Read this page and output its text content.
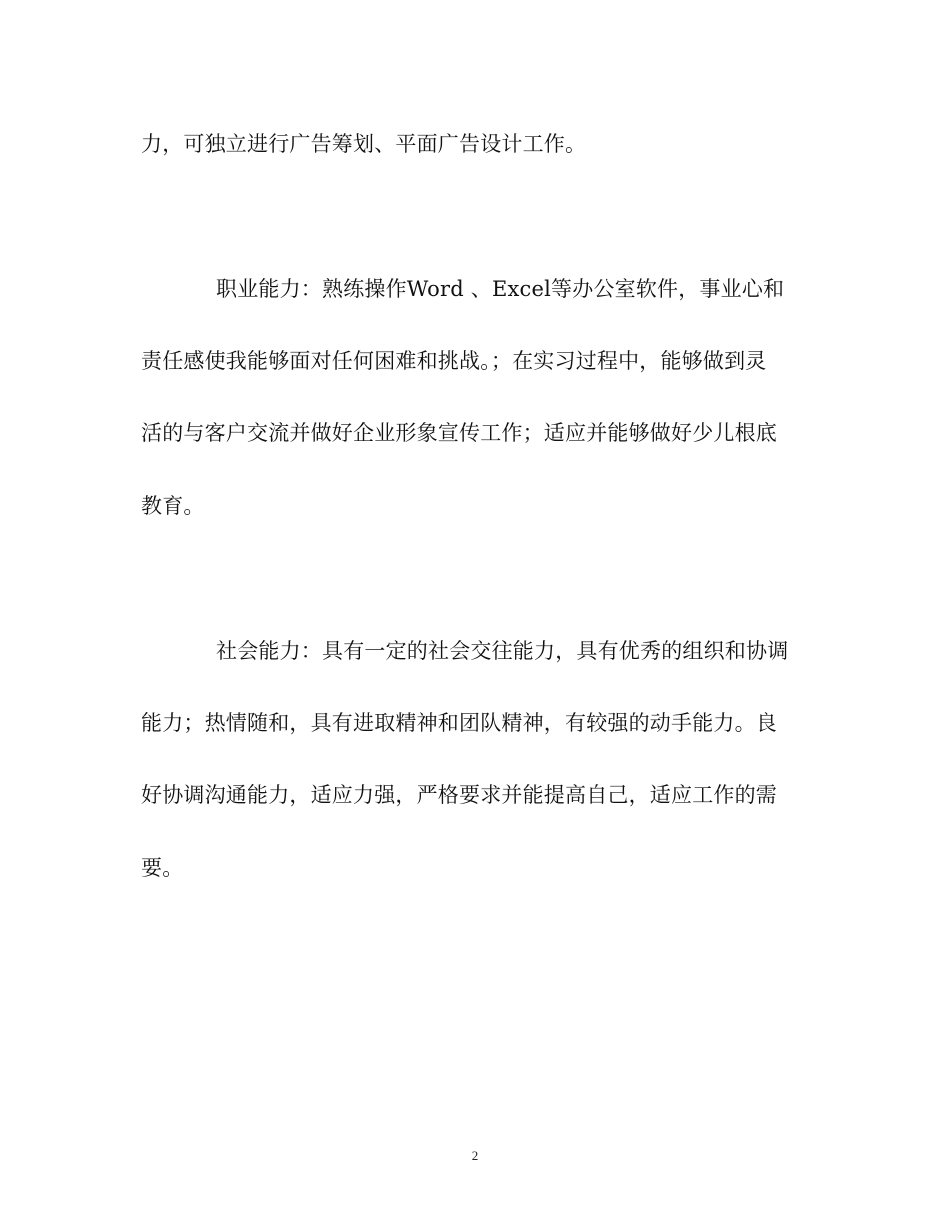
力，可独立进行广告筹划、平面广告设计工作。
职业能力：熟练操作Word 、Excel等办公室软件，事业心和
责任感使我能够面对任何困难和挑战。；在实习过程中，能够做到灵
活的与客户交流并做好企业形象宣传工作；适应并能够做好少儿根底
教育。
社会能力：具有一定的社会交往能力，具有优秀的组织和协调
能力；热情随和，具有进取精神和团队精神，有较强的动手能力。良
好协调沟通能力，适应力强，严格要求并能提高自己，适应工作的需
要。
2
